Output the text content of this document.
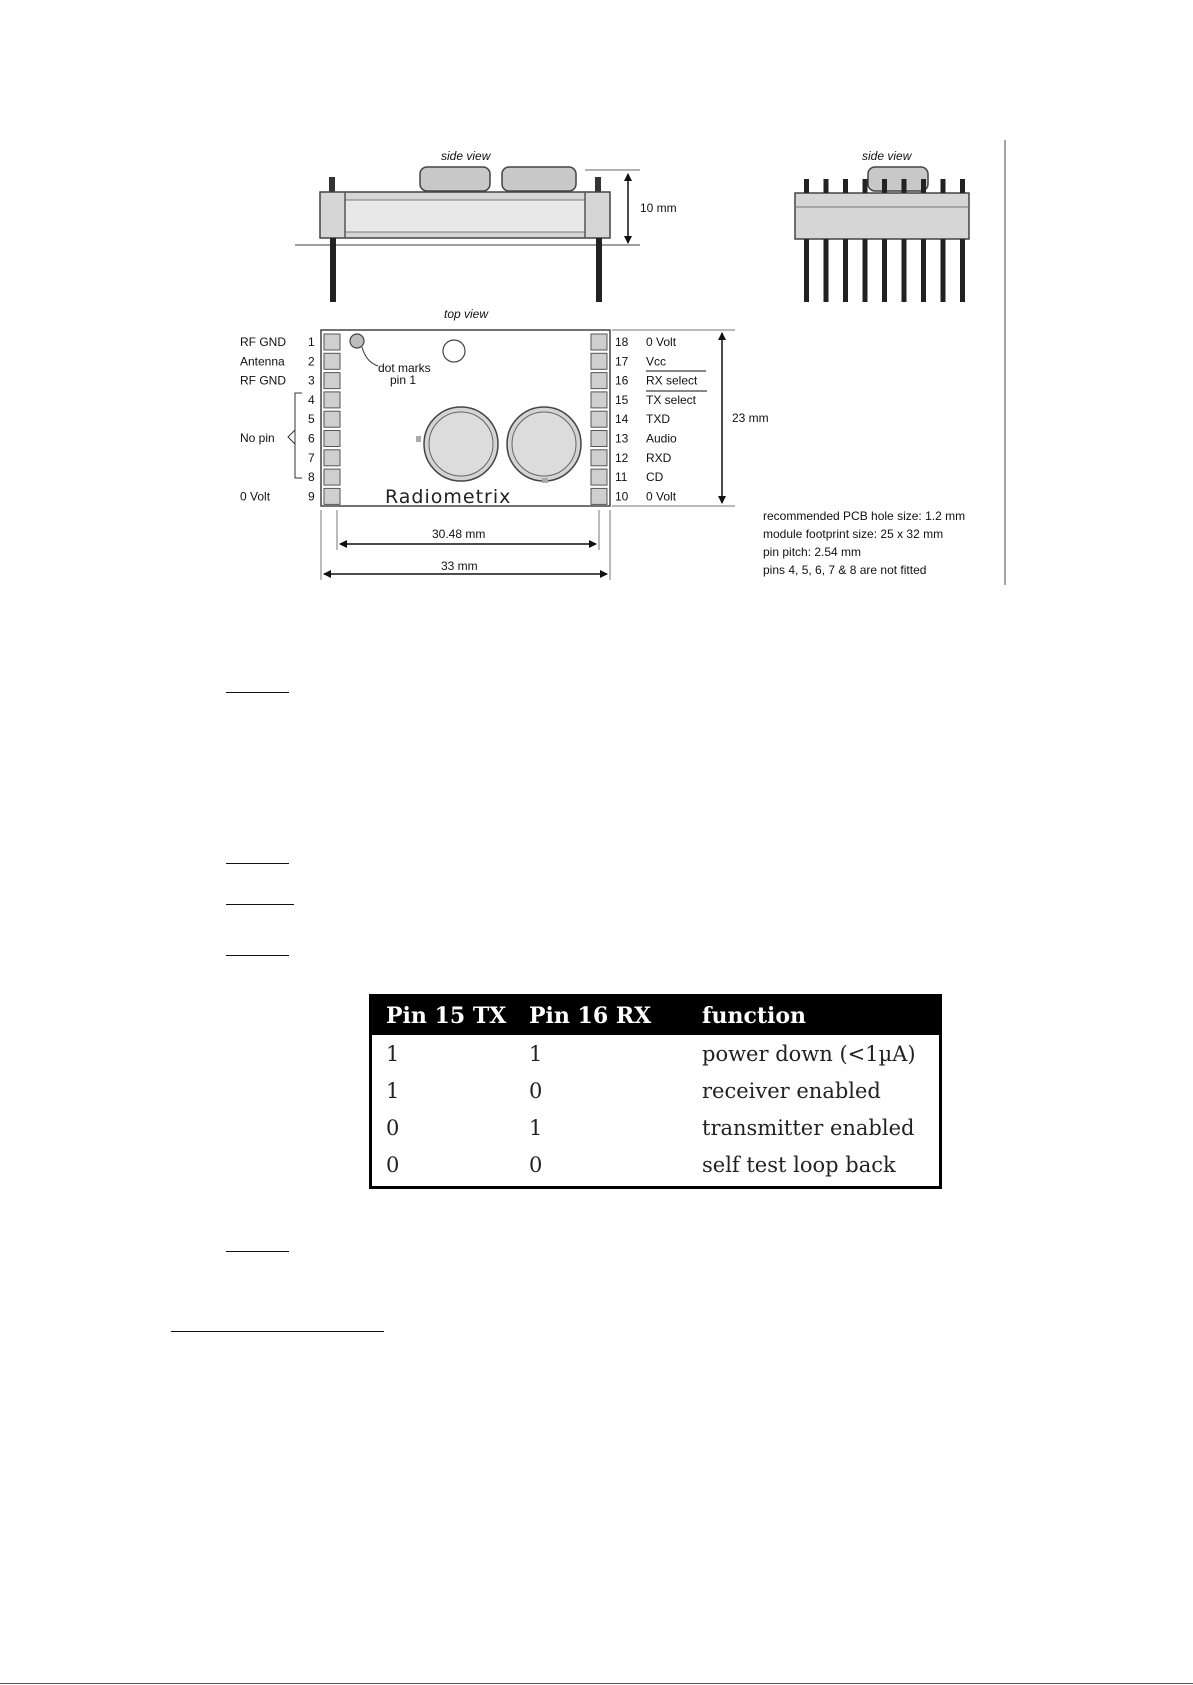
side view
10 mm
side view
top view
dot marks
pin 1
Radiometrix
RF GND 1
Antenna 2
RF GND 3
4
5
6
7
8
0 Volt	9
No pin
18 0 Volt
17 Vcc
16 RX select
15 TX select
14 TXD
13 Audio
12 RXD
11 CD
10 0 Volt
23 mm
30.48 mm
33 mm
recommended PCB hole size: 1.2 mm
module footprint size: 25 x 32 mm
pin pitch: 2.54 mm
pins 4, 5, 6, 7 & 8 are not fitted
Pin 15 TX	Pin 16 RX	function
1	1	power down (<1µA)
1	0	receiver enabled
0	1	transmitter enabled
0	0	self test loop back
